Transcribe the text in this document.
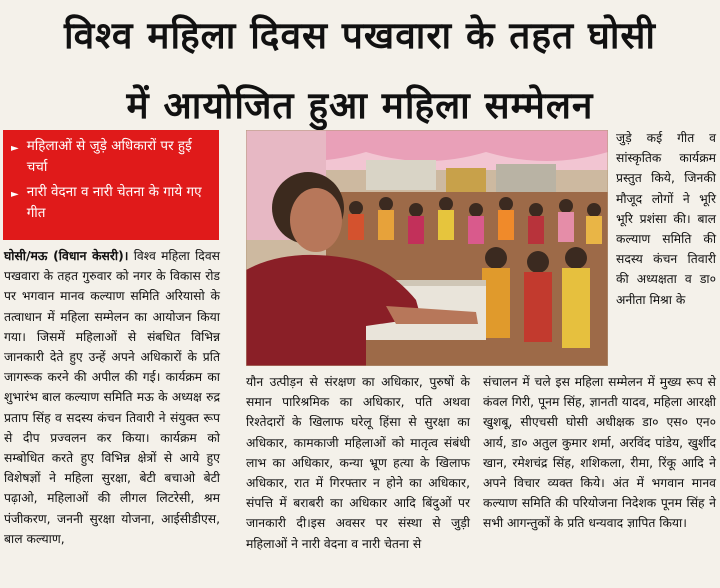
विश्व महिला दिवस पखवारा के तहत घोसी
में आयोजित हुआ महिला सम्मेलन
► महिलाओं से जुड़े अधिकारों पर हुई चर्चा
► नारी वेदना व नारी चेतना के गाये गए गीत
घोसी/मऊ (विधान केसरी)। विश्व महिला दिवस पखवारा के तहत गुरुवार को नगर के विकास रोड पर भगवान मानव कल्याण समिति अरियासो के तत्वाधान में महिला सम्मेलन का आयोजन किया गया। जिसमें महिलाओं से संबधित विभिन्न जानकारी देते हुए उन्हें अपने अधिकारों के प्रति जागरूक करने की अपील की गई। कार्यक्रम का शुभारंभ बाल कल्याण समिति मऊ के अध्यक्ष रुद्र प्रताप सिंह व सदस्य कंचन तिवारी ने संयुक्त रूप से दीप प्रज्वलन कर किया। कार्यक्रम को सम्बोधित करते हुए विभिन्न क्षेत्रों से आये हुए विशेषज्ञों ने महिला सुरक्षा, बेटी बचाओ बेटी पढ़ाओ, महिलाओं की लीगल लिटरेसी, श्रम पंजीकरण, जननी सुरक्षा योजना, आईसीडीएस, बाल कल्याण,
जुड़े कई गीत व सांस्कृतिक कार्यक्रम प्रस्तुत किये, जिनकी मौजूद लोगों ने भूरि भूरि प्रशंसा की। बाल कल्याण समिति की सदस्य कंचन तिवारी की अध्यक्षता व डा० अनीता मिश्रा के
यौन उत्पीड़न से संरक्षण का अधिकार, पुरुषों के समान पारिश्रमिक का अधिकार, पति अथवा रिश्तेदारों के खिलाफ घरेलू हिंसा से सुरक्षा का अधिकार, कामकाजी महिलाओं को मातृत्व संबंधी लाभ का अधिकार, कन्या भ्रूण हत्या के खिलाफ अधिकार, रात में गिरफ्तार न होने का अधिकार, संपत्ति में बराबरी का अधिकार आदि बिंदुओं पर जानकारी दी।इस अवसर पर संस्था से जुड़ी महिलाओं ने नारी वेदना व नारी चेतना से
संचालन में चले इस महिला सम्मेलन में मुख्य रूप से कंवल गिरी, पूनम सिंह, ज्ञानती यादव, महिला आरक्षी खुशबू, सीएचसी घोसी अधीक्षक डा० एस० एन० आर्य, डा० अतुल कुमार शर्मा, अरविंद पांडेय, खुर्शीद खान, रमेशचंद्र सिंह, शशिकला, रीमा, रिंकू आदि ने अपने विचार व्यक्त किये। अंत में भगवान मानव कल्याण समिति की परियोजना निदेशक पूनम सिंह ने सभी आगन्तुकों के प्रति धन्यवाद ज्ञापित किया।
